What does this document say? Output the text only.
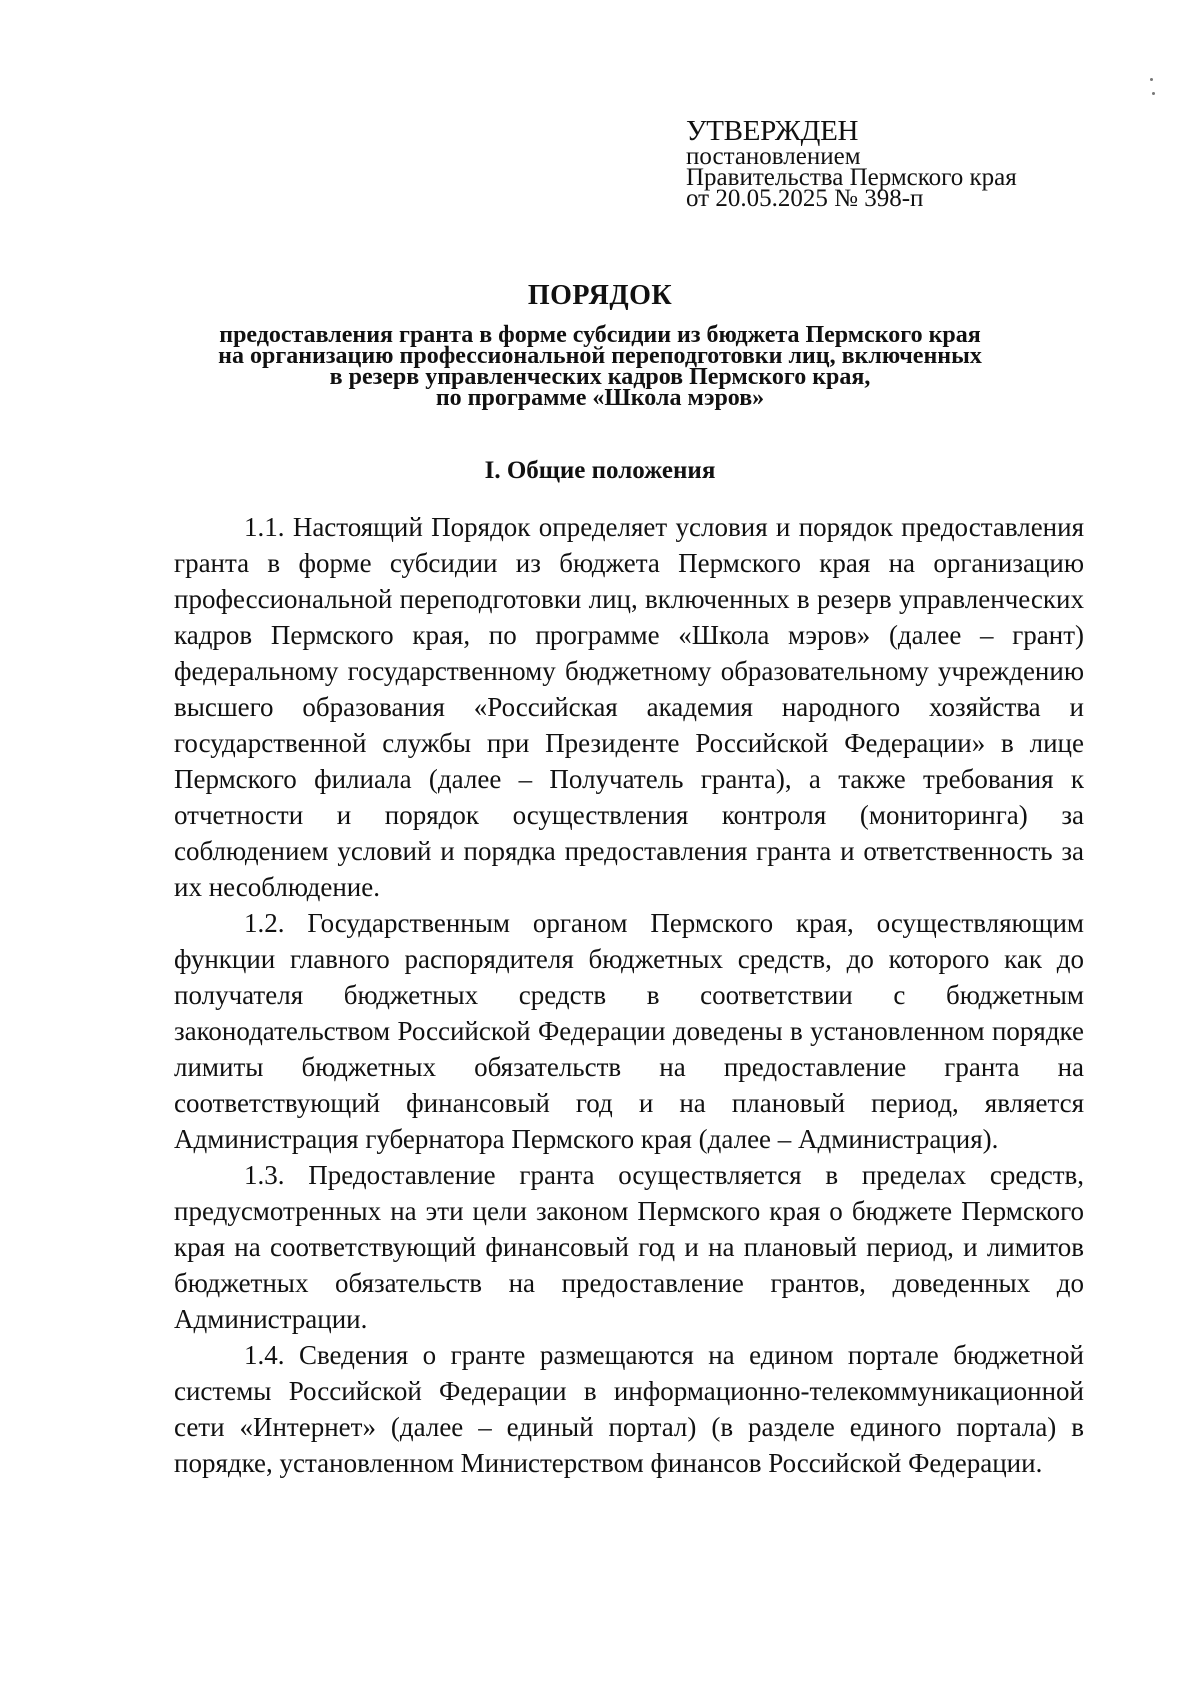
УТВЕРЖДЕН
постановлением
Правительства Пермского края
от 20.05.2025 № 398-п
ПОРЯДОК
предоставления гранта в форме субсидии из бюджета Пермского края
на организацию профессиональной переподготовки лиц, включенных
в резерв управленческих кадров Пермского края,
по программе «Школа мэров»
I. Общие положения

1.1. Настоящий Порядок определяет условия и порядок предоставления гранта в форме субсидии из бюджета Пермского края на организацию профессиональной переподготовки лиц, включенных в резерв управленческих кадров Пермского края, по программе «Школа мэров» (далее – грант) федеральному государственному бюджетному образовательному учреждению высшего образования «Российская академия народного хозяйства и государственной службы при Президенте Российской Федерации» в лице Пермского филиала (далее – Получатель гранта), а также требования к отчетности и порядок осуществления контроля (мониторинга) за соблюдением условий и порядка предоставления гранта и ответственность за их несоблюдение.

1.2. Государственным органом Пермского края, осуществляющим функции главного распорядителя бюджетных средств, до которого как до получателя бюджетных средств в соответствии с бюджетным законодательством Российской Федерации доведены в установленном порядке лимиты бюджетных обязательств на предоставление гранта на соответствующий финансовый год и на плановый период, является Администрация губернатора Пермского края (далее – Администрация).

1.3. Предоставление гранта осуществляется в пределах средств, предусмотренных на эти цели законом Пермского края о бюджете Пермского края на соответствующий финансовый год и на плановый период, и лимитов бюджетных обязательств на предоставление грантов, доведенных до Администрации.

1.4. Сведения о гранте размещаются на едином портале бюджетной системы Российской Федерации в информационно-телекоммуникационной сети «Интернет» (далее – единый портал) (в разделе единого портала) в порядке, установленном Министерством финансов Российской Федерации.
